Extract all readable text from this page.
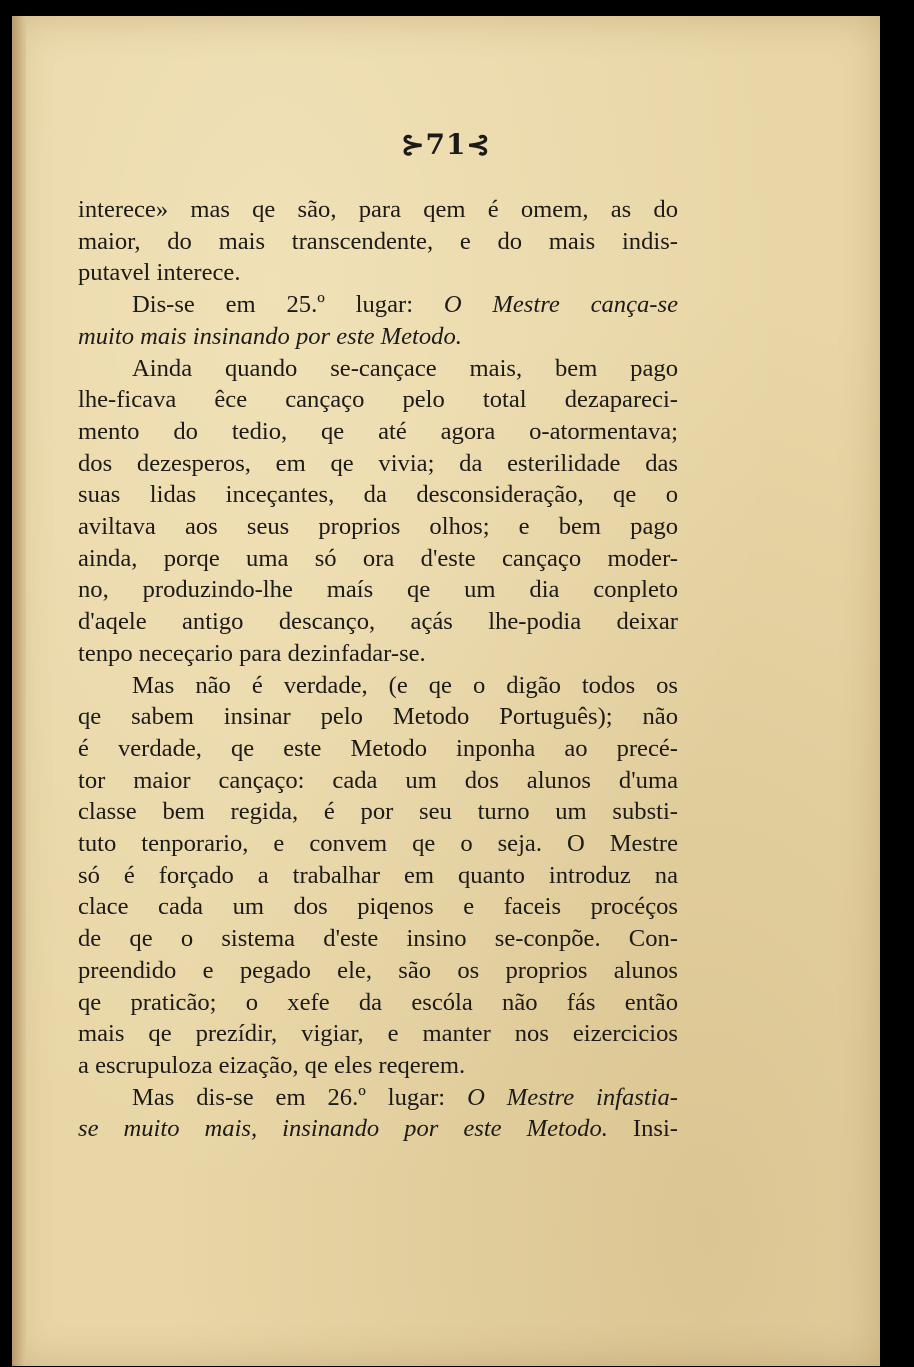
⊱71⊰
interece» mas qe são, para qem é omem, as do
maior, do mais transcendente, e do mais indis-
putavel interece.
Dis-se em 25.º lugar: O Mestre cança-se
muito mais insinando por este Metodo.
Ainda quando se-cançace mais, bem pago
lhe-ficava êce cançaço pelo total dezapareci-
mento do tedio, qe até agora o-atormentava;
dos dezesperos, em qe vivia; da esterilidade das
suas lidas inceçantes, da desconsideração, qe o
aviltava aos seus proprios olhos; e bem pago
ainda, porqe uma só ora d'este cançaço moder-
no, produzindo-lhe maís qe um dia conpleto
d'aqele antigo descanço, açás lhe-podia deixar
tenpo neceçario para dezinfadar-se.
Mas não é verdade, (e qe o digão todos os
qe sabem insinar pelo Metodo Português); não
é verdade, qe este Metodo inponha ao precé-
tor maior cançaço: cada um dos alunos d'uma
classe bem regida, é por seu turno um substi-
tuto tenporario, e convem qe o seja. O Mestre
só é forçado a trabalhar em quanto introduz na
clace cada um dos piqenos e faceis procéços
de qe o sistema d'este insino se-conpõe. Con-
preendido e pegado ele, são os proprios alunos
qe praticão; o xefe da escóla não fás então
mais qe prezídir, vigiar, e manter nos eizercicios
a escrupuloza eização, qe eles reqerem.
Mas dis-se em 26.º lugar: O Mestre infastia-
se muito mais, insinando por este Metodo. Insi-
